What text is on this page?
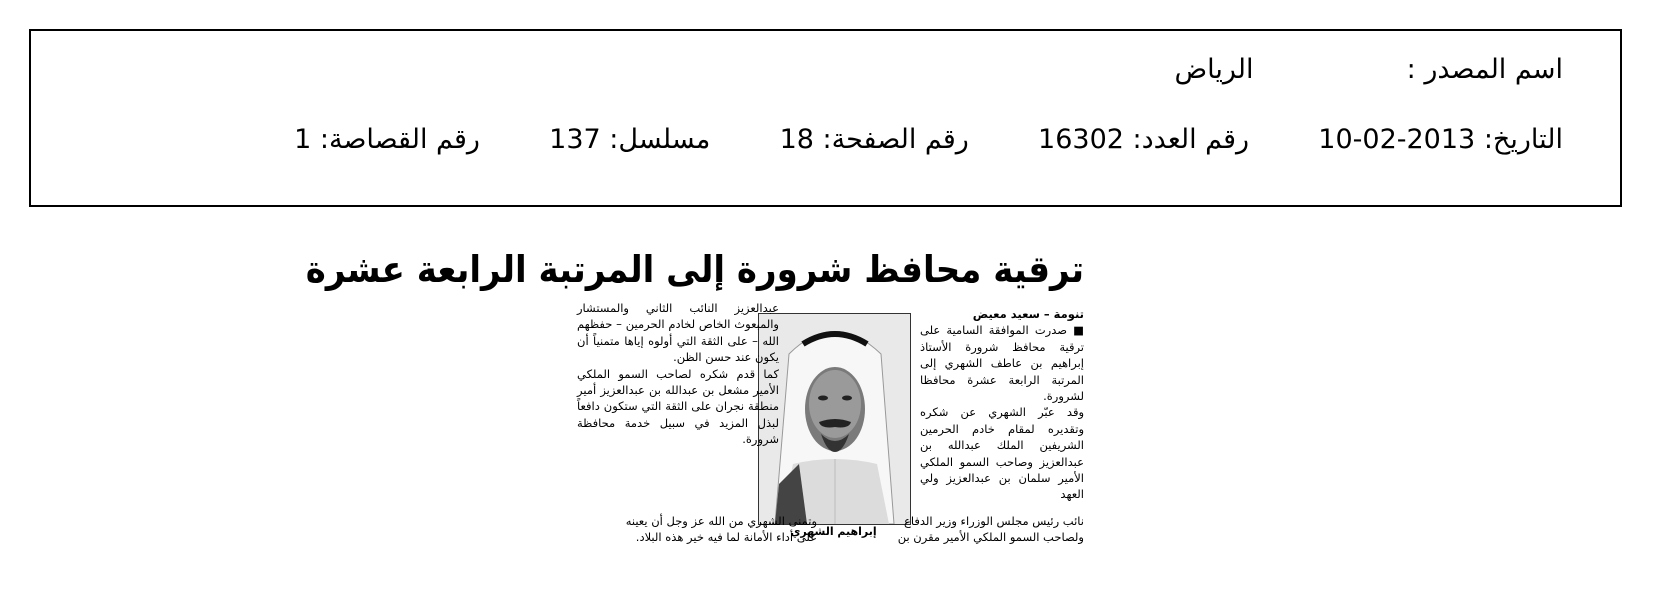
اسم المصدر :  الرياض
التاريخ: 2013-02-10  رقم العدد: 16302  رقم الصفحة: 18  مسلسل: 137  رقم القصاصة: 1
ترقية محافظ شرورة إلى المرتبة الرابعة عشرة
تنومة – سعيد معيض

■ صدرت الموافقة السامية على ترقية محافظ شرورة الأستاذ إبراهيم بن عاطف الشهري إلى المرتبة الرابعة عشرة محافظا لشرورة.

وقد عبّر الشهري عن شكره وتقديره لمقام خادم الحرمين الشريفين الملك عبدالله بن عبدالعزيز وصاحب السمو الملكي الأمير سلمان بن عبدالعزيز ولي العهد

إبراهيم الشهري

عبدالعزيز النائب الثاني والمستشار والمبعوث الخاص لخادم الحرمين – حفظهم الله – على الثقة التي أولوه إياها متمنياً أن يكون عند حسن الظن.

كما قدم شكره لصاحب السمو الملكي الأمير مشعل بن عبدالله بن عبدالعزيز أمير منطقة نجران على الثقة التي ستكون دافعاً لبذل المزيد في سبيل خدمة محافظة شرورة.

نائب رئيس مجلس الوزراء وزير الدفاع
ولصاحب السمو الملكي الأمير مقرن بن
وتمنى الشهري من الله عز وجل أن يعينه
على أداء الأمانة لما فيه خير هذه البلاد.
